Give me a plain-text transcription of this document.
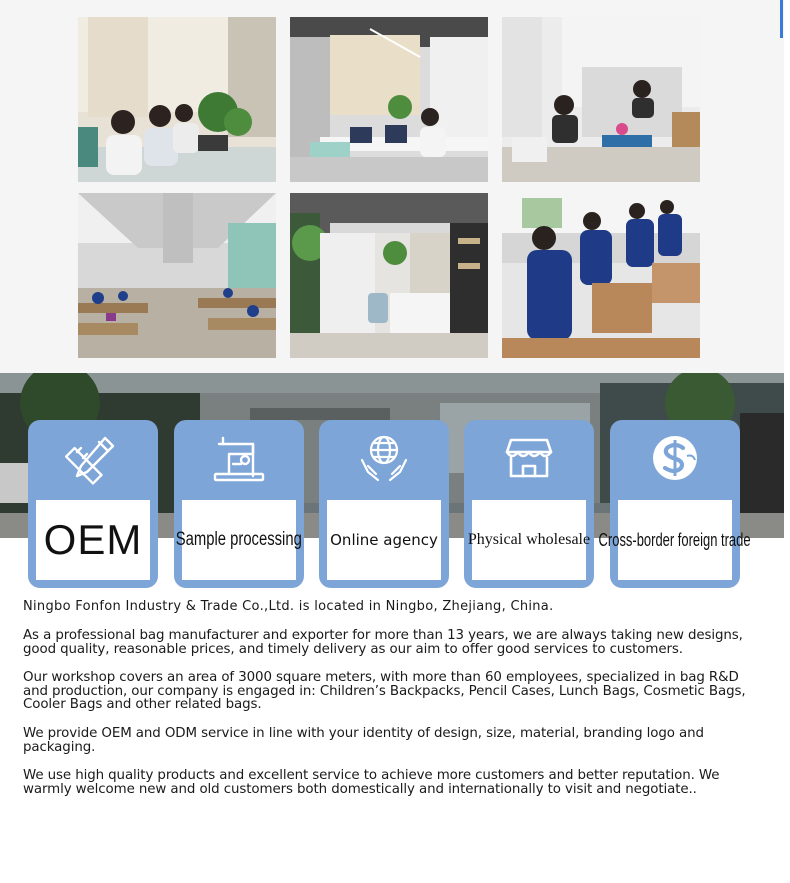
OEM Sample processing Online agency Physical wholesale Cross-border foreign trade
Ningbo Fonfon Industry & Trade Co.,Ltd. is located in Ningbo, Zhejiang, China.
As a professional bag manufacturer and exporter for more than 13 years, we are always taking new designs, good quality, reasonable prices, and timely delivery as our aim to offer good services to customers.
Our workshop covers an area of 3000 square meters, with more than 60 employees, specialized in bag R&D and production, our company is engaged in: Children’s Backpacks, Pencil Cases, Lunch Bags, Cosmetic Bags, Cooler Bags and other related bags.
We provide OEM and ODM service in line with your identity of design, size, material, branding logo and packaging.
We use high quality products and excellent service to achieve more customers and better reputation. We warmly welcome new and old customers both domestically and internationally to visit and negotiate..
